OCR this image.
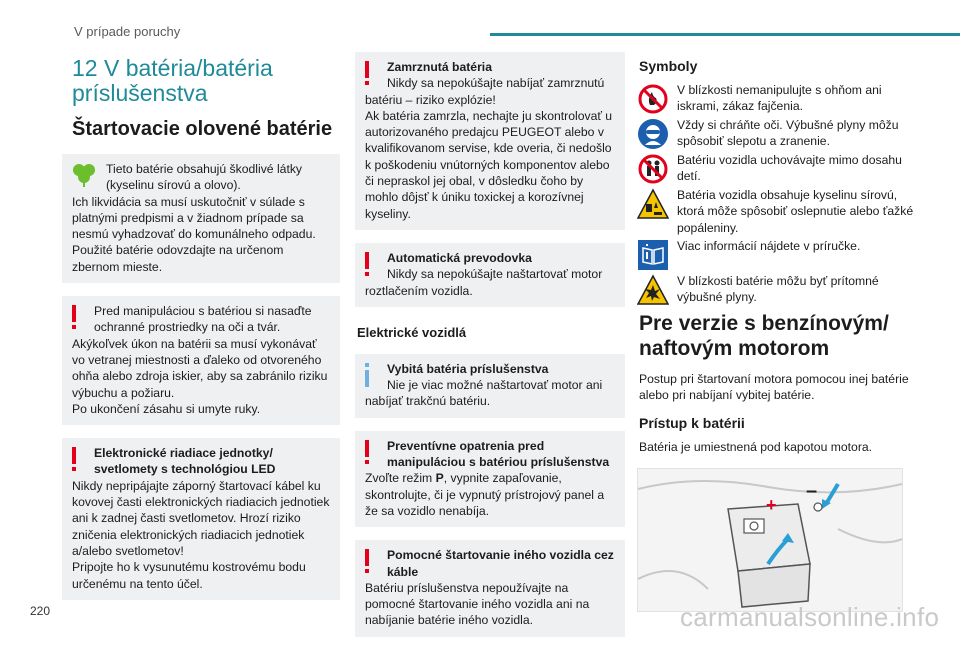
V prípade poruchy
12 V batéria/batéria príslušenstva
Štartovacie olovené batérie
Tieto batérie obsahujú škodlivé látky (kyselinu sírovú a olovo).
Ich likvidácia sa musí uskutočniť v súlade s platnými predpismi a v žiadnom prípade sa nesmú vyhadzovať do komunálneho odpadu. Použité batérie odovzdajte na určenom zbernom mieste.
Pred manipuláciou s batériou si nasaďte ochranné prostriedky na oči a tvár.
Akýkoľvek úkon na batérii sa musí vykonávať vo vetranej miestnosti a ďaleko od otvoreného ohňa alebo zdroja iskier, aby sa zabránilo riziku výbuchu a požiaru.
Po ukončení zásahu si umyte ruky.
Elektronické riadiace jednotky/ svetlomety s technológiou LED
Nikdy nepripájajte záporný štartovací kábel ku kovovej časti elektronických riadiacich jednotiek ani k zadnej časti svetlometov. Hrozí riziko zničenia elektronických riadiacich jednotiek a/alebo svetlometov!
Pripojte ho k vysunutému kostrovému bodu určenému na tento účel.
Zamrznutá batéria
Nikdy sa nepokúšajte nabíjať zamrznutú batériu – riziko explózie!
Ak batéria zamrzla, nechajte ju skontrolovať u autorizovaného predajcu PEUGEOT alebo v kvalifikovanom servise, kde overia, či nedošlo k poškodeniu vnútorných komponentov alebo či nepraskol jej obal, v dôsledku čoho by mohlo dôjsť k úniku toxickej a korozívnej kyseliny.
Automatická prevodovka
Nikdy sa nepokúšajte naštartovať motor roztlačením vozidla.
Elektrické vozidlá
Vybitá batéria príslušenstva
Nie je viac možné naštartovať motor ani nabíjať trakčnú batériu.
Preventívne opatrenia pred manipuláciou s batériou príslušenstva
Zvoľte režim P, vypnite zapaľovanie, skontrolujte, či je vypnutý prístrojový panel a že sa vozidlo nenabíja.
Pomocné štartovanie iného vozidla cez káble
Batériu príslušenstva nepoužívajte na pomocné štartovanie iného vozidla ani na nabíjanie batérie iného vozidla.
Symboly
V blízkosti nemanipulujte s ohňom ani iskrami, zákaz fajčenia.
Vždy si chráňte oči. Výbušné plyny môžu spôsobiť slepotu a zranenie.
Batériu vozidla uchovávajte mimo dosahu detí.
Batéria vozidla obsahuje kyselinu sírovú, ktorá môže spôsobiť oslepnutie alebo ťažké popáleniny.
Viac informácií nájdete v príručke.
V blízkosti batérie môžu byť prítomné výbušné plyny.
Pre verzie s benzínovým/ naftovým motorom
Postup pri štartovaní motora pomocou inej batérie alebo pri nabíjaní vybitej batérie.
Prístup k batérii
Batéria je umiestnená pod kapotou motora.
+
–
220	carmanualsonline.info
